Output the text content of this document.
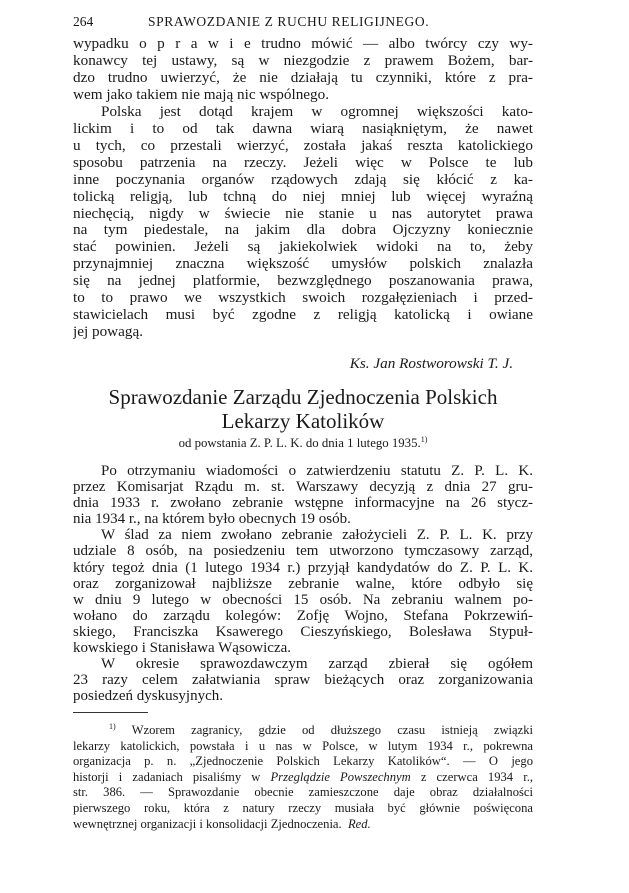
264	SPRAWOZDANIE Z RUCHU RELIGIJNEGO.
wypadku o p r a w i e trudno mówić — albo twórcy czy wy-
konawcy tej ustawy, są w niezgodzie z prawem Bożem, bar-
dzo trudno uwierzyć, że nie działają tu czynniki, które z pra-
wem jako takiem nie mają nic wspólnego.
Polska jest dotąd krajem w ogromnej większości kato-
lickim i to od tak dawna wiarą nasiąkniętym, że nawet
u tych, co przestali wierzyć, została jakaś reszta katolickiego
sposobu patrzenia na rzeczy. Jeżeli więc w Polsce te lub
inne poczynania organów rządowych zdają się kłócić z ka-
tolicką religją, lub tchną do niej mniej lub więcej wyraźną
niechęcią, nigdy w świecie nie stanie u nas autorytet prawa
na tym piedestale, na jakim dla dobra Ojczyzny koniecznie
stać powinien. Jeżeli są jakiekolwiek widoki na to, żeby
przynajmniej znaczna większość umysłów polskich znalazła
się na jednej platformie, bezwzględnego poszanowania prawa,
to to prawo we wszystkich swoich rozgałęzieniach i przed-
stawicielach musi być zgodne z religją katolicką i owiane
jej powagą.
Ks. Jan Rostworowski T. J.
Sprawozdanie Zarządu Zjednoczenia Polskich
Lekarzy Katolików
od powstania Z. P. L. K. do dnia 1 lutego 1935.$^{1)}$
Po otrzymaniu wiadomości o zatwierdzeniu statutu Z. P. L. K.
przez Komisarjat Rządu m. st. Warszawy decyzją z dnia 27 gru-
dnia 1933 r. zwołano zebranie wstępne informacyjne na 26 stycz-
nia 1934 r., na którem było obecnych 19 osób.
W ślad za niem zwołano zebranie założycieli Z. P. L. K. przy
udziale 8 osób, na posiedzeniu tem utworzono tymczasowy zarząd,
który tegoż dnia (1 lutego 1934 r.) przyjął kandydatów do Z. P. L. K.
oraz zorganizował najbliższe zebranie walne, które odbyło się
w dniu 9 lutego w obecności 15 osób. Na zebraniu walnem po-
wołano do zarządu kolegów: Zofję Wojno, Stefana Pokrzewiń-
skiego, Franciszka Ksawerego Cieszyńskiego, Bolesława Stypuł-
kowskiego i Stanisława Wąsowicza.
W okresie sprawozdawczym zarząd zbierał się ogółem
23 razy celem załatwiania spraw bieżących oraz zorganizowania
posiedzeń dyskusyjnych.
$^{1)}$ Wzorem zagranicy, gdzie od dłuższego czasu istnieją związki
lekarzy katolickich, powstała i u nas w Polsce, w lutym 1934 r., pokrewna
organizacja p. n. „Zjednoczenie Polskich Lekarzy Katolików“. — O jego
historji i zadaniach pisaliśmy w Przeglądzie Powszechnym z czerwca 1934 r.,
str. 386. — Sprawozdanie obecnie zamieszczone daje obraz działalności
pierwszego roku, która z natury rzeczy musiała być głównie poświęcona
wewnętrznej organizacji i konsolidacji Zjednoczenia. Red.
